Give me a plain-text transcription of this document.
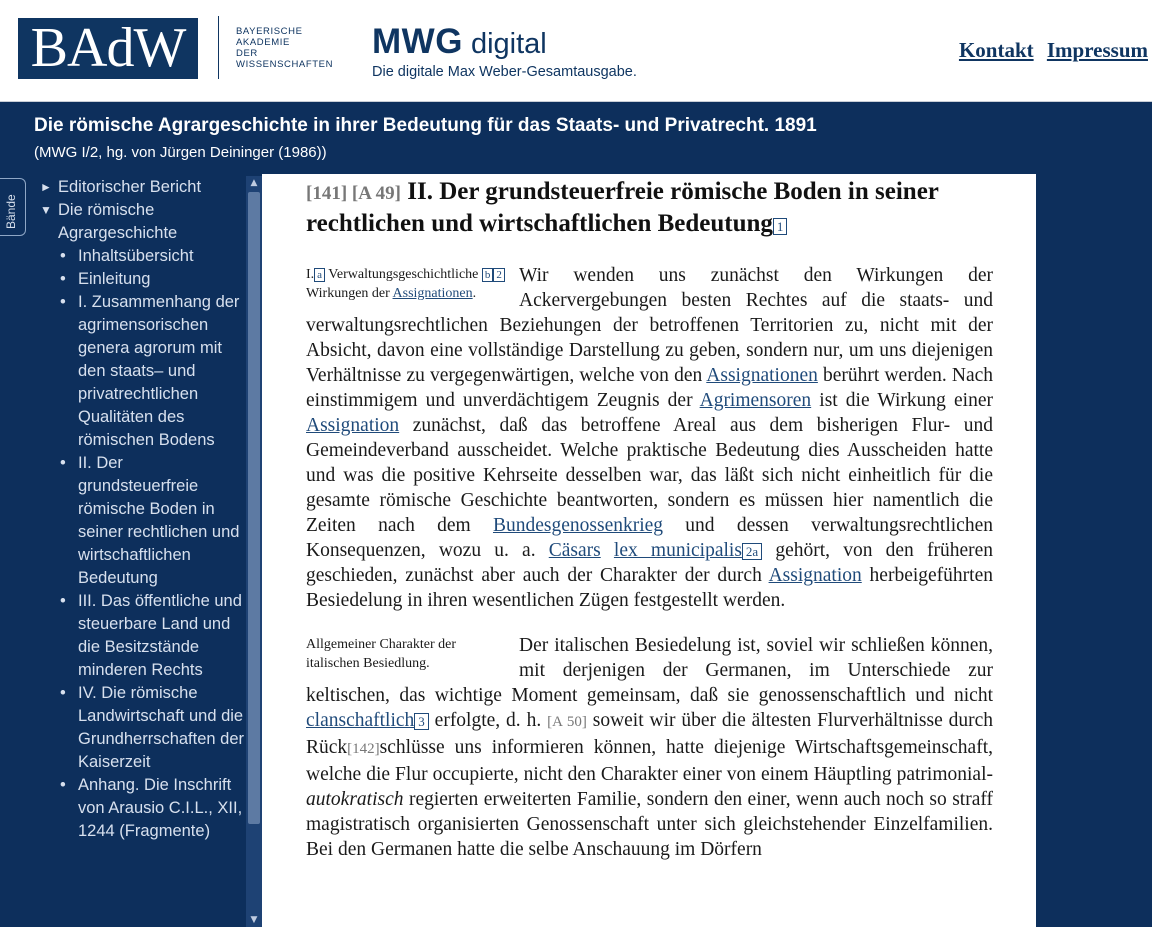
BAdW	BAYERISCHE
AKADEMIE
DER
WISSENSCHAFTEN
MWG digital
Die digitale Max Weber-Gesamtausgabe.
Kontakt Impressum
Die römische Agrargeschichte in ihrer Bedeutung für das Staats- und Privatrecht. 1891
(MWG I/2, hg. von Jürgen Deininger (1986))
Bände
► Editorischer Bericht
▼ Die römische Agrargeschichte
• Inhaltsübersicht
• Einleitung
• I. Zusammenhang der agrimensorischen genera agrorum mit den staats– und privatrechtlichen Qualitäten des römischen Bodens
• II. Der grundsteuerfreie römische Boden in seiner rechtlichen und wirtschaftlichen Bedeutung
• III. Das öffentliche und steuerbare Land und die Besitzstände minderen Rechts
• IV. Die römische Landwirtschaft und die Grundherrschaften der Kaiserzeit
• Anhang. Die Inschrift von Arausio C.I.L., XII, 1244 (Fragmente)
▲
▼
[141] [A 49] II. Der grundsteuerfreie römische Boden in seiner rechtlichen und wirtschaftlichen Bedeutung 1
I. a Verwaltungsgeschichtliche b 2 Wirkungen der Assignationen.
Wir wenden uns zunächst den Wirkungen der Ackervergebungen besten Rechtes auf die staats- und verwaltungsrechtlichen Beziehungen der betroffenen Territorien zu, nicht mit der Absicht, davon eine vollständige Darstellung zu geben, sondern nur, um uns diejenigen Verhältnisse zu vergegenwärtigen, welche von den Assignationen berührt werden. Nach einstimmigem und unverdächtigem Zeugnis der Agrimensoren ist die Wirkung einer Assignation zunächst, daß das betroffene Areal aus dem bisherigen Flur- und Gemeindeverband ausscheidet. Welche praktische Bedeutung dies Ausscheiden hatte und was die positive Kehrseite desselben war, das läßt sich nicht einheitlich für die gesamte römische Geschichte beantworten, sondern es müssen hier namentlich die Zeiten nach dem Bundesgenossenkrieg und dessen verwaltungsrechtlichen Konsequenzen, wozu u. a. Cäsars lex municipalis 2a gehört, von den früheren geschieden, zunächst aber auch der Charakter der durch Assignation herbeigeführten Besiedelung in ihren wesentlichen Zügen festgestellt werden.
Allgemeiner Charakter der italischen Besiedlung.
Der italischen Besiedelung ist, soviel wir schließen können, mit derjenigen der Germanen, im Unterschiede zur keltischen, das wichtige Moment gemeinsam, daß sie genossenschaftlich und nicht clanschaftlich 3 erfolgte, d. h. [A 50] soweit wir über die ältesten Flurverhältnisse durch Rück[142]schlüsse uns informieren können, hatte diejenige Wirtschaftsgemeinschaft, welche die Flur occupierte, nicht den Charakter einer von einem Häuptling patrimonial-autokratisch regierten erweiterten Familie, sondern den einer, wenn auch noch so straff magistratisch organisierten Genossenschaft unter sich gleichstehender Einzelfamilien. Bei den Germanen hatte die selbe Anschauung im Dörfern
